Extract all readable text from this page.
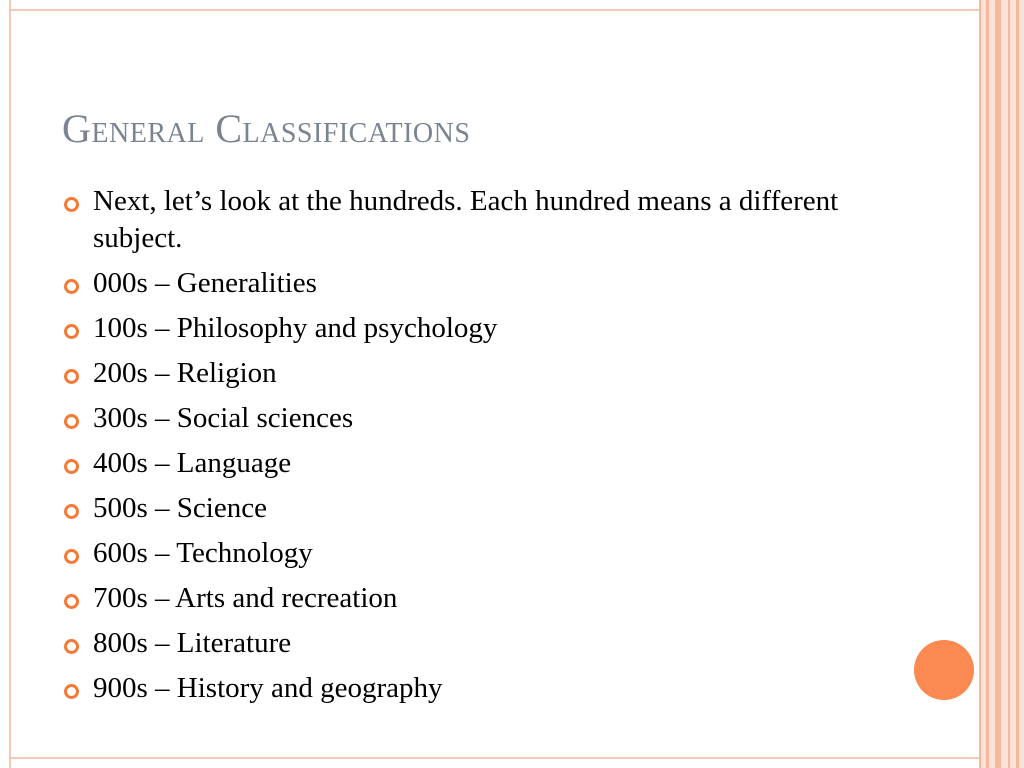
General Classifications
Next, let’s look at the hundreds. Each hundred means a different subject.
000s – Generalities
100s – Philosophy and psychology
200s – Religion
300s – Social sciences
400s – Language
500s – Science
600s – Technology
700s – Arts and recreation
800s – Literature
900s – History and geography
